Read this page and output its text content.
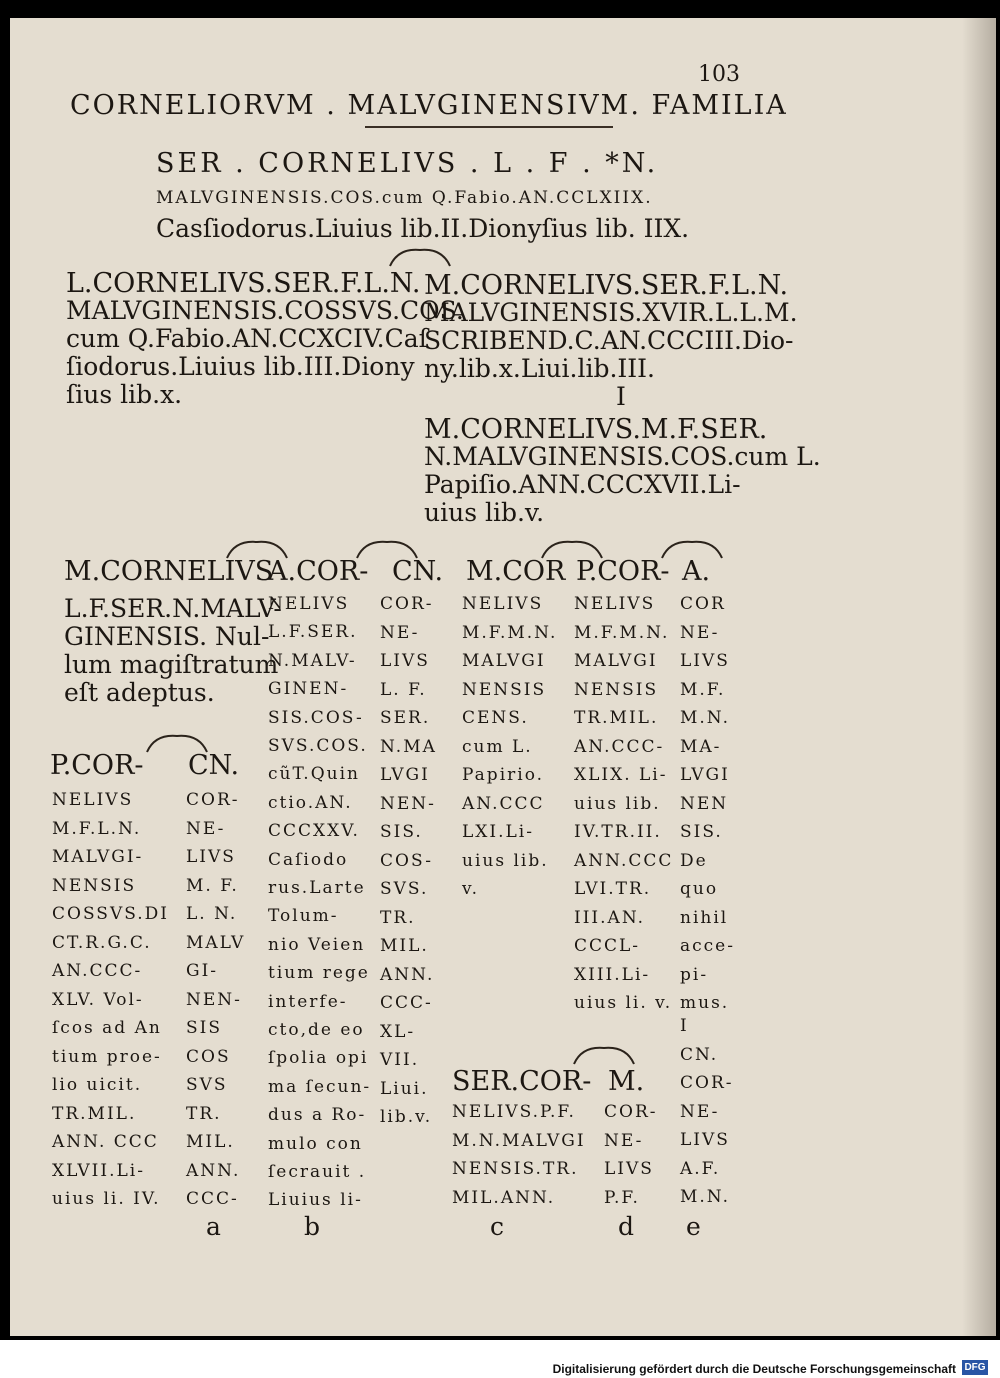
103
CORNELIORVM . MALVGINENSIVM. FAMILIA
SER . CORNELIVS . L . F . *N.
MALVGINENSIS.COS.cum Q.Fabio.AN.CCLXIIX.
Casſiodorus.Liuius lib.II.Dionyſius lib. IIX.
L.CORNELIVS.SER.F.L.N.
MALVGINENSIS.COSSVS.COS.
cum Q.Fabio.AN.CCXCIV.Caſ
ſiodorus.Liuius lib.III.Diony
ſius lib.x.
M.CORNELIVS.SER.F.L.N.
MALVGINENSIS.XVIR.L.L.M.
SCRIBEND.C.AN.CCCIII.Dio-
ny.lib.x.Liui.lib.III.
I
M.CORNELIVS.M.F.SER.
N.MALVGINENSIS.COS.cum L.
Papiſio.ANN.CCCXVII.Li-
uius lib.v.
M.CORNELIVS
A.COR- CN. M.COR P.COR- A.
L.F.SER.N.MALV-
GINENSIS. Nul-
lum magiſtratum
eſt adeptus.
P.COR- CN.
NELIVS
M.F.L.N.
MALVGI-
NENSIS
COSSVS.DI
CT.R.G.C.
AN.CCC-
XLV. Vol-
ſcos ad An
tium proe-
lio uicit.
TR.MIL.
ANN. CCC
XLVII.Li-
uius li. IV.
COR-
NE-
LIVS
M. F.
L. N.
MALV
GI-
NEN-
SIS
COS
SVS
TR.
MIL.
ANN.
CCC-
NELIVS
L.F.SER.
N.MALV-
GINEN-
SIS.COS-
SVS.COS.
cũT.Quin
ctio.AN.
CCCXXV.
Caſiodo
rus.Larte
Tolum-
nio Veien
tium rege
interfe-
cto,de eo
ſpolia opi
ma ſecun-
dus a Ro-
mulo con
ſecrauit .
Liuius li-
COR-
NE-
LIVS
L. F.
SER.
N.MA
LVGI
NEN-
SIS.
COS-
SVS.
TR.
MIL.
ANN.
CCC-
XL-
VII.
Liui.
lib.v.
NELIVS
M.F.M.N.
MALVGI
NENSIS
CENS.
cum L.
Papirio.
AN.CCC
LXI.Li-
uius lib.
v.
NELIVS
M.F.M.N.
MALVGI
NENSIS
TR.MIL.
AN.CCC-
XLIX. Li-
uius lib.
IV.TR.II.
ANN.CCC
LVI.TR.
III.AN.
CCCL-
XIII.Li-
uius li. v.
COR
NE-
LIVS
M.F.
M.N.
MA-
LVGI
NEN
SIS.
De
quo
nihil
acce-
pi-
mus.
SER.COR- M.
NELIVS.P.F.
M.N.MALVGI
NENSIS.TR.
MIL.ANN.
COR-
NE-
LIVS
P.F.
I
CN.
COR-
NE-
LIVS
A.F.
M.N.
a	b	c	d e
Digitalisierung gefördert durch die Deutsche Forschungsgemeinschaft DFG
